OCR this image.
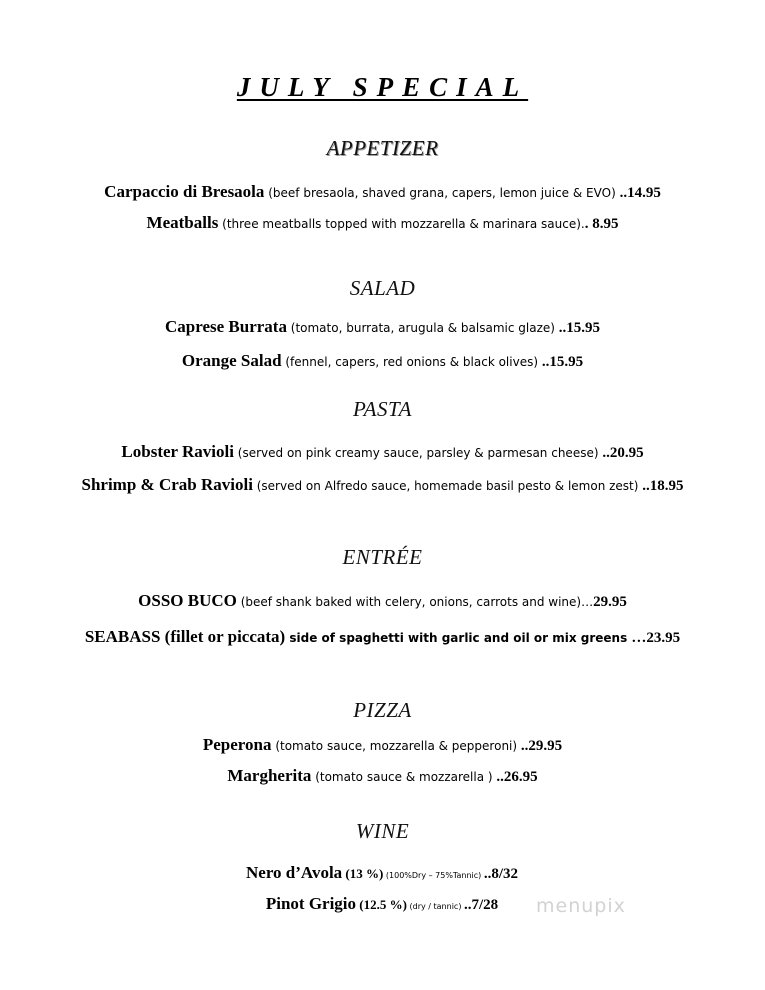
JULY SPECIAL
APPETIZER
Carpaccio di Bresaola (beef bresaola, shaved grana, capers, lemon juice & EVO) ..14.95
Meatballs (three meatballs topped with mozzarella & marinara sauce).. 8.95
SALAD
Caprese Burrata (tomato, burrata, arugula & balsamic glaze) ..15.95
Orange Salad (fennel, capers, red onions & black olives) ..15.95
PASTA
Lobster Ravioli (served on pink creamy sauce, parsley & parmesan cheese) ..20.95
Shrimp & Crab Ravioli (served on Alfredo sauce, homemade basil pesto & lemon zest) ..18.95
ENTRÉE
OSSO BUCO (beef shank baked with celery, onions, carrots and wine)…29.95
SEABASS (fillet or piccata) side of spaghetti with garlic and oil or mix greens …23.95
PIZZA
Peperona (tomato sauce, mozzarella & pepperoni) ..29.95
Margherita (tomato sauce & mozzarella ) ..26.95
WINE
Nero d’Avola (13 %) (100%Dry – 75%Tannic) ..8/32
Pinot Grigio (12.5 %) (dry / tannic) ..7/28	menupix
